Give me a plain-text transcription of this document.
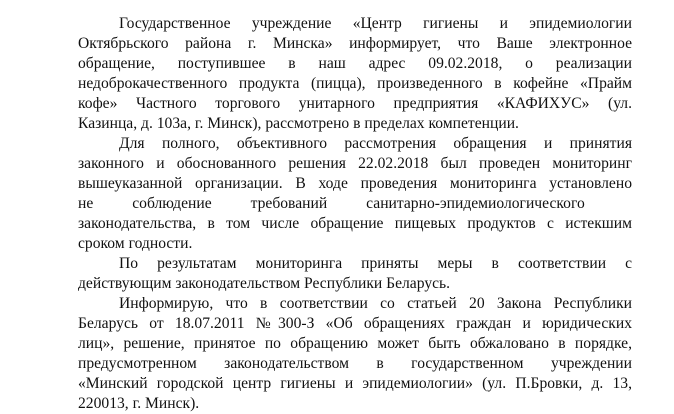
Государственное учреждение «Центр гигиены и эпидемиологии
Октябрьского района г. Минска» информирует, что Ваше электронное
обращение, поступившее в наш адрес 09.02.2018, о реализации
недоброкачественного продукта (пицца), произведенного в кофейне «Прайм
кофе» Частного торгового унитарного предприятия «КАФИХУС» (ул.
Казинца, д. 103а, г. Минск), рассмотрено в пределах компетенции.
Для полного, объективного рассмотрения обращения и принятия
законного и обоснованного решения 22.02.2018 был проведен мониторинг
вышеуказанной организации. В ходе проведения мониторинга установлено
не          соблюдение          требований          санитарно-эпидемиологического
законодательства, в том числе обращение пищевых продуктов с истекшим
сроком годности.
По результатам мониторинга приняты меры в соответствии с
действующим законодательством Республики Беларусь.
Информирую, что в соответствии со статьей 20 Закона Республики
Беларусь от 18.07.2011 №300-З «Об обращениях граждан и юридических
лиц», решение, принятое по обращению может быть обжаловано в порядке,
предусмотренном законодательством в государственном учреждении
«Минский городской центр гигиены и эпидемиологии» (ул. П.Бровки, д. 13,
220013, г. Минск).
